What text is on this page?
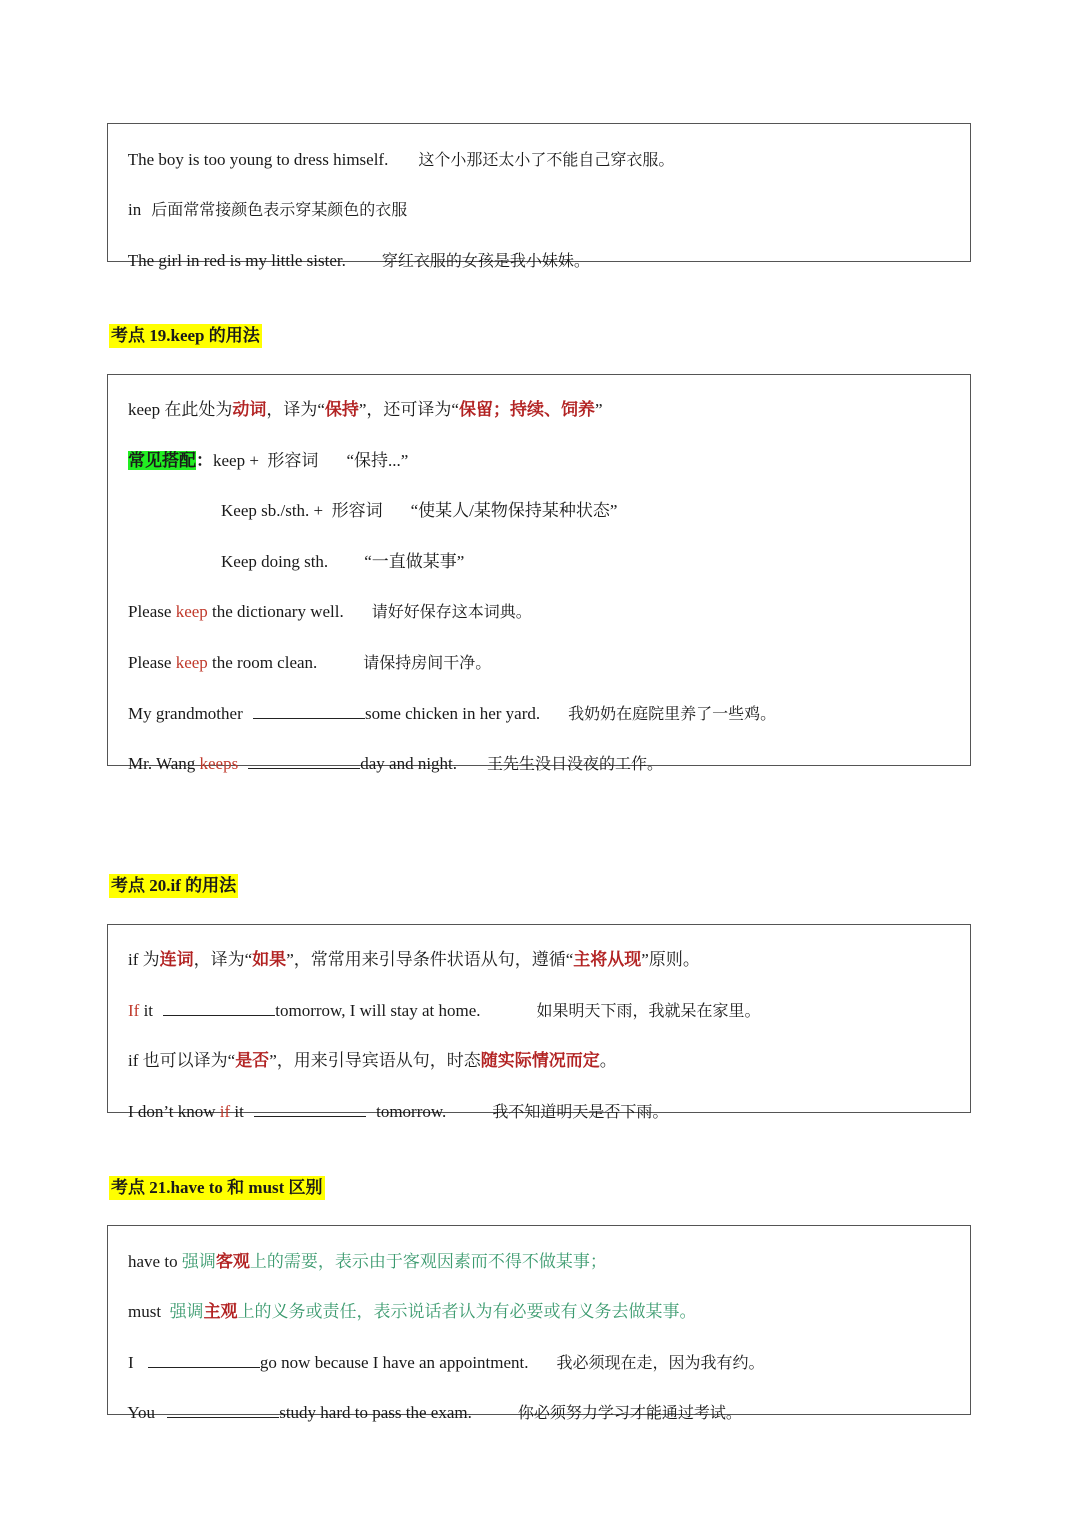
The boy is too young to dress himself. 这个小那还太小了不能自己穿衣服。

in 后面常常接颜色表示穿某颜色的衣服

The girl in red is my little sister. 穿红衣服的女孩是我小妹妹。

考点 19.keep 的用法

keep 在此处为动词，译为“保持”，还可译为“保留；持续、饲养”

常见搭配：keep +  形容词 “保持...”

Keep sb./sth. +  形容词 “使某人/某物保持某种状态”

Keep doing sth. “一直做某事”

Please keep the dictionary well. 请好好保存这本词典。

Please keep the room clean.	请保持房间干净。

My grandmother	some chicken in her yard. 我奶奶在庭院里养了一些鸡。

Mr. Wang keeps	day and night. 王先生没日没夜的工作。

考点 20.if 的用法

if 为连词，译为“如果”，常常用来引导条件状语从句，遵循“主将从现”原则。

If it	tomorrow, I will stay at home.	如果明天下雨，我就呆在家里。

if 也可以译为“是否”，用来引导宾语从句，时态随实际情况而定。

I don’t know if it	tomorrow.	我不知道明天是否下雨。

考点 21.have to 和 must 区别

have to 强调客观上的需要，表示由于客观因素而不得不做某事；

must  强调主观上的义务或责任，表示说话者认为有必要或有义务去做某事。

I	go now because I have an appointment. 我必须现在走，因为我有约。

You	study hard to pass the exam.	你必须努力学习才能通过考试。
